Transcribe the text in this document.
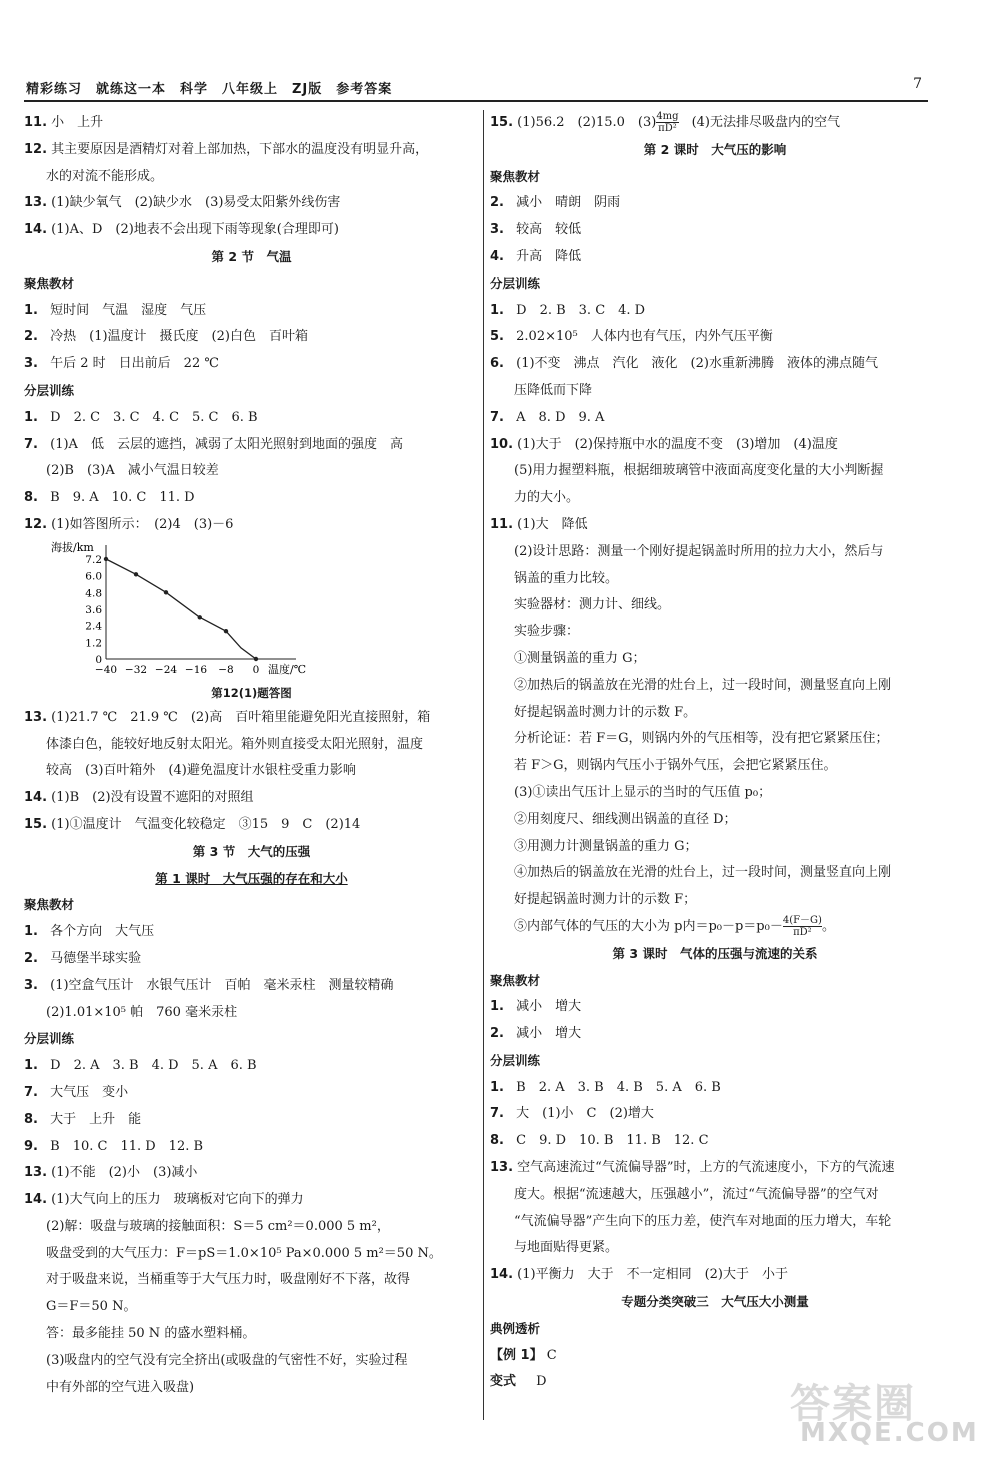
精彩练习　就练这一本　科学　八年级上　ZJ版　参考答案	7
11. 小　上升
12. 其主要原因是酒精灯对着上部加热，下部水的温度没有明显升高，
水的对流不能形成。
13. (1)缺少氧气　(2)缺少水　(3)易受太阳紫外线伤害
14. (1)A、D　(2)地表不会出现下雨等现象(合理即可)
第 2 节　气温
聚焦教材
1. 短时间　气温　湿度　气压
2. 冷热　(1)温度计　摄氏度　(2)白色　百叶箱
3. 午后 2 时　日出前后　22 ℃
分层训练
1. D　2. C　3. C　4. C　5. C　6. B
7. (1)A　低　云层的遮挡，减弱了太阳光照射到地面的强度　高
(2)B　(3)A　减小气温日较差
8. B　9. A　10. C　11. D
12. (1)如答图所示：　(2)4　(3)－6
海拔/km
温度/℃
0
1.2
2.4
3.6
4.8
6.0
7.2
−40 −32 −24 −16 −8 0
第12(1)题答图
13. (1)21.7 ℃　21.9 ℃　(2)高　百叶箱里能避免阳光直接照射，箱
体漆白色，能较好地反射太阳光。箱外则直接受太阳光照射，温度
较高　(3)百叶箱外　(4)避免温度计水银柱受重力影响
14. (1)B　(2)没有设置不遮阳的对照组
15. (1)①温度计　气温变化较稳定　③15　9　C　(2)14
第 3 节　大气的压强
第 1 课时　大气压强的存在和大小
聚焦教材
1. 各个方向　大气压
2. 马德堡半球实验
3. (1)空盒气压计　水银气压计　百帕　毫米汞柱　测量较精确
(2)1.01×10⁵ 帕　760 毫米汞柱
分层训练
1. D　2. A　3. B　4. D　5. A　6. B
7. 大气压　变小
8. 大于　上升　能
9. B　10. C　11. D　12. B
13. (1)不能　(2)小　(3)减小
14. (1)大气向上的压力　玻璃板对它向下的弹力
(2)解：吸盘与玻璃的接触面积：S＝5 cm²＝0.000 5 m²，
吸盘受到的大气压力：F＝pS＝1.0×10⁵ Pa×0.000 5 m²＝50 N。
对于吸盘来说，当桶重等于大气压力时，吸盘刚好不下落，故得
G＝F＝50 N。
答：最多能挂 50 N 的盛水塑料桶。
(3)吸盘内的空气没有完全挤出(或吸盘的气密性不好，实验过程
中有外部的空气进入吸盘)
15. (1)56.2　(2)15.0　$(3) \frac{4mg}{\text{πD²}}$ 　(4)无法排尽吸盘内的空气
第 2 课时　大气压的影响
聚焦教材
2. 减小　晴朗　阴雨
3. 较高　较低
4. 升高　降低
分层训练
1. D　2. B　3. C　4. D
5. 2.02×10⁵　人体内也有气压，内外气压平衡
6. (1)不变　沸点　汽化　液化　(2)水重新沸腾　液体的沸点随气
压降低而下降
7. A　8. D　9. A
10. (1)大于　(2)保持瓶中水的温度不变　(3)增加　(4)温度
(5)用力握塑料瓶，根据细玻璃管中液面高度变化量的大小判断握
力的大小。
11. (1)大　降低
(2)设计思路：测量一个刚好提起锅盖时所用的拉力大小，然后与
锅盖的重力比较。
实验器材：测力计、细线。
实验步骤：
①测量锅盖的重力 G；
②加热后的锅盖放在光滑的灶台上，过一段时间，测量竖直向上刚
好提起锅盖时测力计的示数 F。
分析论证：若 F＝G，则锅内外的气压相等，没有把它紧紧压住；
若 F＞G，则锅内气压小于锅外气压，会把它紧紧压住。
(3)①读出气压计上显示的当时的气压值 p₀；
②用刻度尺、细线测出锅盖的直径 D；
③用测力计测量锅盖的重力 G；
④加热后的锅盖放在光滑的灶台上，过一段时间，测量竖直向上刚
好提起锅盖时测力计的示数 F；
⑤内部气体的气压的大小为 p内$=p_0-p=p_0- \frac{4(F-G)}{\text{πD²}}$ 。
第 3 课时　气体的压强与流速的关系
聚焦教材
1. 减小　增大
2. 减小　增大
分层训练
1. B　2. A　3. B　4. B　5. A　6. B
7. 大　(1)小　C　(2)增大
8. C　9. D　10. B　11. B　12. C
13. 空气高速流过“气流偏导器”时，上方的气流速度小，下方的气流速
度大。根据“流速越大，压强越小”，流过“气流偏导器”的空气对
“气流偏导器”产生向下的压力差，使汽车对地面的压力增大，车轮
与地面贴得更紧。
14. (1)平衡力　大于　不一定相同　(2)大于　小于
专题分类突破三　大气压大小测量
典例透析
【例 1】 C
变式 D	答案圈
MXQE.COM
